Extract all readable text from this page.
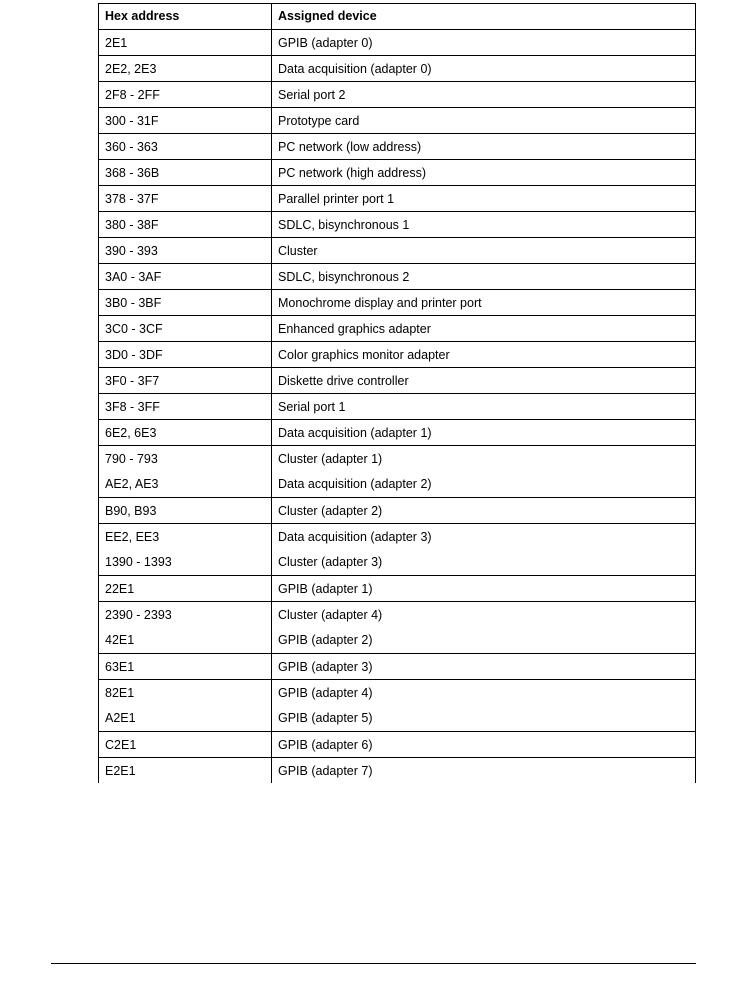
Hex address	Assigned device
2E1	GPIB (adapter 0)
2E2, 2E3	Data acquisition (adapter 0)
2F8 - 2FF	Serial port 2
300 - 31F	Prototype card
360 - 363	PC network (low address)
368 - 36B	PC network (high address)
378 - 37F	Parallel printer port 1
380 - 38F	SDLC, bisynchronous 1
390 - 393	Cluster
3A0 - 3AF	SDLC, bisynchronous 2
3B0 - 3BF	Monochrome display and printer port
3C0 - 3CF	Enhanced graphics adapter
3D0 - 3DF	Color graphics monitor adapter
3F0 - 3F7	Diskette drive controller
3F8 - 3FF	Serial port 1
6E2, 6E3	Data acquisition (adapter 1)
790 - 793	Cluster (adapter 1)
AE2, AE3	Data acquisition (adapter 2)
B90, B93	Cluster (adapter 2)
EE2, EE3	Data acquisition (adapter 3)
1390 - 1393	Cluster (adapter 3)
22E1	GPIB (adapter 1)
2390 - 2393	Cluster (adapter 4)
42E1	GPIB (adapter 2)
63E1	GPIB (adapter 3)
82E1	GPIB (adapter 4)
A2E1	GPIB (adapter 5)
C2E1	GPIB (adapter 6)
E2E1	GPIB (adapter 7)
